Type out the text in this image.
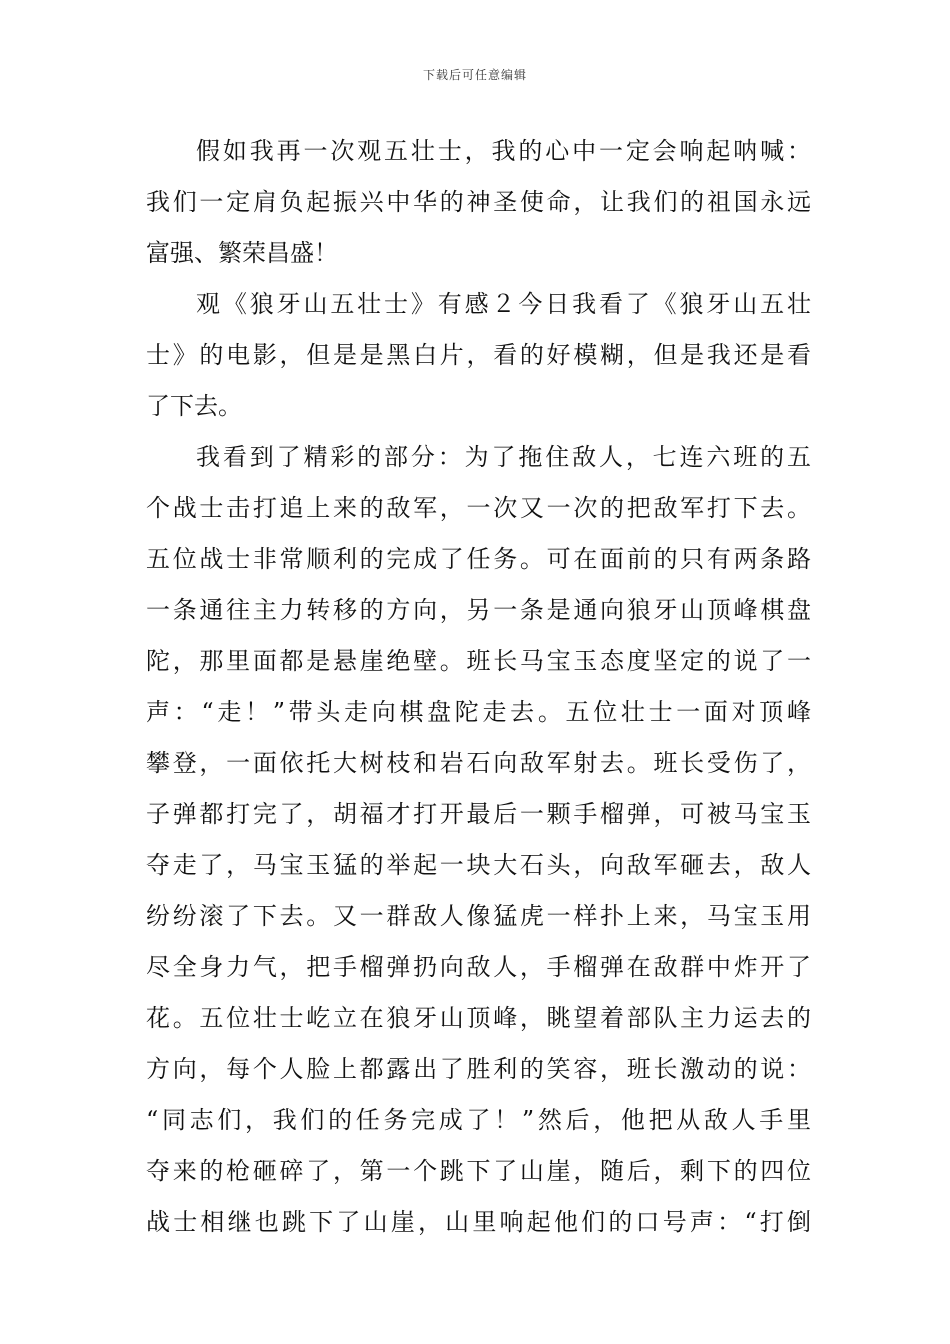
下载后可任意编辑
假如我再一次观五壮士，我的心中一定会响起呐喊：
我们一定肩负起振兴中华的神圣使命，让我们的祖国永远
富强、繁荣昌盛！
观《狼牙山五壮士》有感２今日我看了《狼牙山五壮
士》的电影，但是是黑白片，看的好模糊，但是我还是看
了下去。
我看到了精彩的部分：为了拖住敌人，七连六班的五
个战士击打追上来的敌军，一次又一次的把敌军打下去。
五位战士非常顺利的完成了任务。可在面前的只有两条路
一条通往主力转移的方向，另一条是通向狼牙山顶峰棋盘
陀，那里面都是悬崖绝壁。班长马宝玉态度坚定的说了一
声：“走！”带头走向棋盘陀走去。五位壮士一面对顶峰
攀登，一面依托大树枝和岩石向敌军射去。班长受伤了，
子弹都打完了，胡福才打开最后一颗手榴弹，可被马宝玉
夺走了，马宝玉猛的举起一块大石头，向敌军砸去，敌人
纷纷滚了下去。又一群敌人像猛虎一样扑上来，马宝玉用
尽全身力气，把手榴弹扔向敌人，手榴弹在敌群中炸开了
花。五位壮士屹立在狼牙山顶峰，眺望着部队主力运去的
方向，每个人脸上都露出了胜利的笑容，班长激动的说：
“同志们，我们的任务完成了！”然后，他把从敌人手里
夺来的枪砸碎了，第一个跳下了山崖，随后，剩下的四位
战士相继也跳下了山崖，山里响起他们的口号声：“打倒
